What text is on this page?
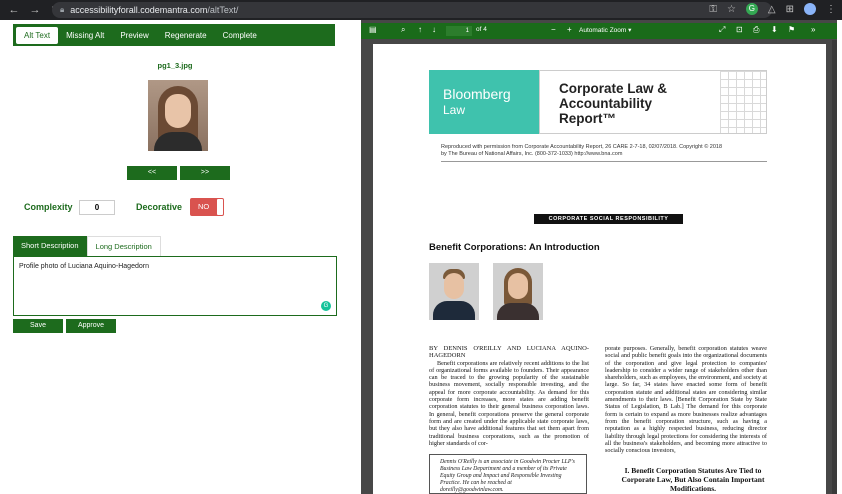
← → 🔒︎ accessibilityforall.codemantra.com /altText/	⚿ ☆	G △ ⊞	⋮
Alt Text	Missing Alt	Preview	Regenerate	Complete
pg1_3.jpg
<<	>>
Complexity	0	Decorative	NO
Short Description	Long Description
Profile photo of Luciana Aquino-Hagedorn
G
Save	Approve
▤	⌕ ↑ ↓	1	of 4	− + Automatic Zoom ▾	⤢ ⊡ ⎙ ⬇ ⚑ »
Bloomberg
Law
Corporate Law & Accountability Report™
Reproduced with permission from Corporate Accountability Report, 26 CARE 2-7-18, 02/07/2018. Copyright © 2018
by The Bureau of National Affairs, Inc. (800-372-1033) http://www.bna.com
CORPORATE SOCIAL RESPONSIBILITY
Benefit Corporations: An Introduction
BY DENNIS O'REILLY AND LUCIANA AQUINO-HAGEDORN
Benefit corporations are relatively recent additions to the list of organizational forms available to founders. Their appearance can be traced to the growing popularity of the sustainable business movement, socially responsible investing, and the appeal for more corporate accountability. As demand for this corporate form increases, more states are adding benefit corporation statutes to their general business corporation laws. In general, benefit corporations preserve the general corporate form and are created under the applicable state corporate laws, but they also have additional features that set them apart from traditional business corporations, such as the promotion of higher standards of cor-
porate purposes. Generally, benefit corporation statutes weave social and public benefit goals into the organizational documents of the corporation and give legal protection to companies' leadership to consider a wider range of stakeholders other than shareholders, such as employees, the environment, and society at large. So far, 34 states have enacted some form of benefit corporation statute and additional states are considering similar amendments to their laws. [Benefit Corporation State by State Status of Legislation, B Lab.] The demand for this corporate form is certain to expand as more businesses realize advantages from the benefit corporation structure, such as having a reputation as a highly respected business, reducing director liability through legal protections for considering the interests of all the business's stakeholders, and becoming more attractive to socially conscious investors,
Dennis O'Reilly is an associate in Goodwin Procter LLP's Business Law Department and a member of its Private Equity Group and Impact and Responsible Investing Practice. He can be reached at doreilly@goodwinlaw.com.
I. Benefit Corporation Statutes Are Tied to Corporate Law, But Also Contain Important Modifications.
